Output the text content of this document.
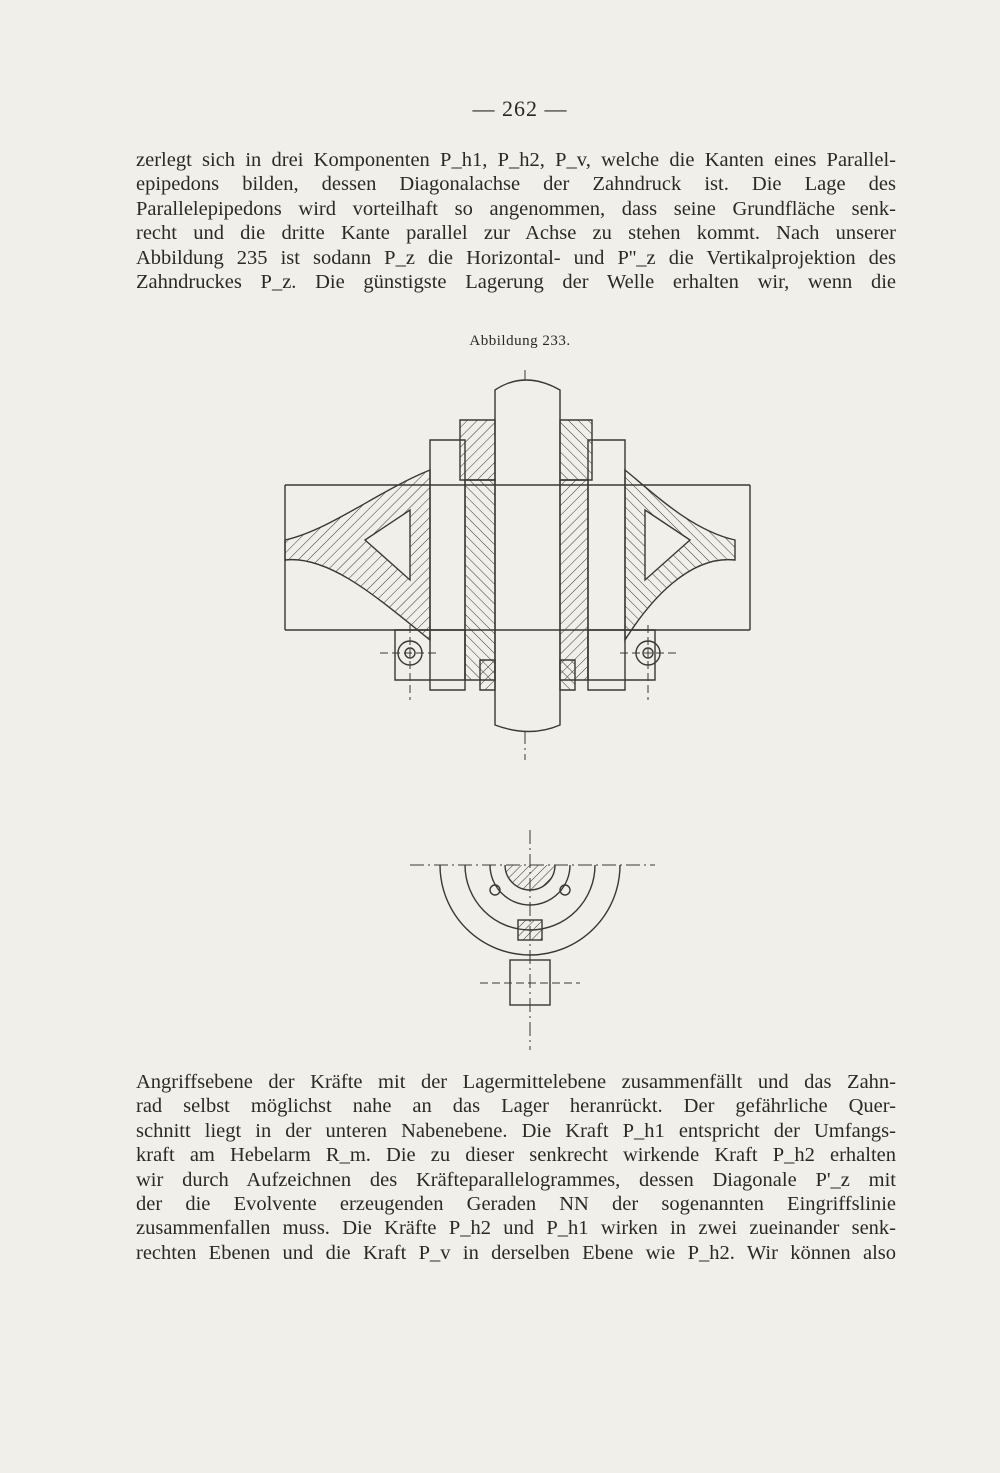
— 262 —
zerlegt sich in drei Komponenten P_h1, P_h2, P_v, welche die Kanten eines Parallel-
epipedons bilden, dessen Diagonalachse der Zahndruck ist. Die Lage des
Parallelepipedons wird vorteilhaft so angenommen, dass seine Grundfläche senk-
recht und die dritte Kante parallel zur Achse zu stehen kommt. Nach unserer
Abbildung 235 ist sodann P_z die Horizontal- und P''_z die Vertikalprojektion des
Zahndruckes P_z. Die günstigste Lagerung der Welle erhalten wir, wenn die
Abbildung 233.
Angriffsebene der Kräfte mit der Lagermittelebene zusammenfällt und das Zahn-
rad selbst möglichst nahe an das Lager heranrückt. Der gefährliche Quer-
schnitt liegt in der unteren Nabenebene. Die Kraft P_h1 entspricht der Umfangs-
kraft am Hebelarm R_m. Die zu dieser senkrecht wirkende Kraft P_h2 erhalten
wir durch Aufzeichnen des Kräfteparallelogrammes, dessen Diagonale P'_z mit
der die Evolvente erzeugenden Geraden NN der sogenannten Eingriffslinie
zusammenfallen muss. Die Kräfte P_h2 und P_h1 wirken in zwei zueinander senk-
rechten Ebenen und die Kraft P_v in derselben Ebene wie P_h2. Wir können also
